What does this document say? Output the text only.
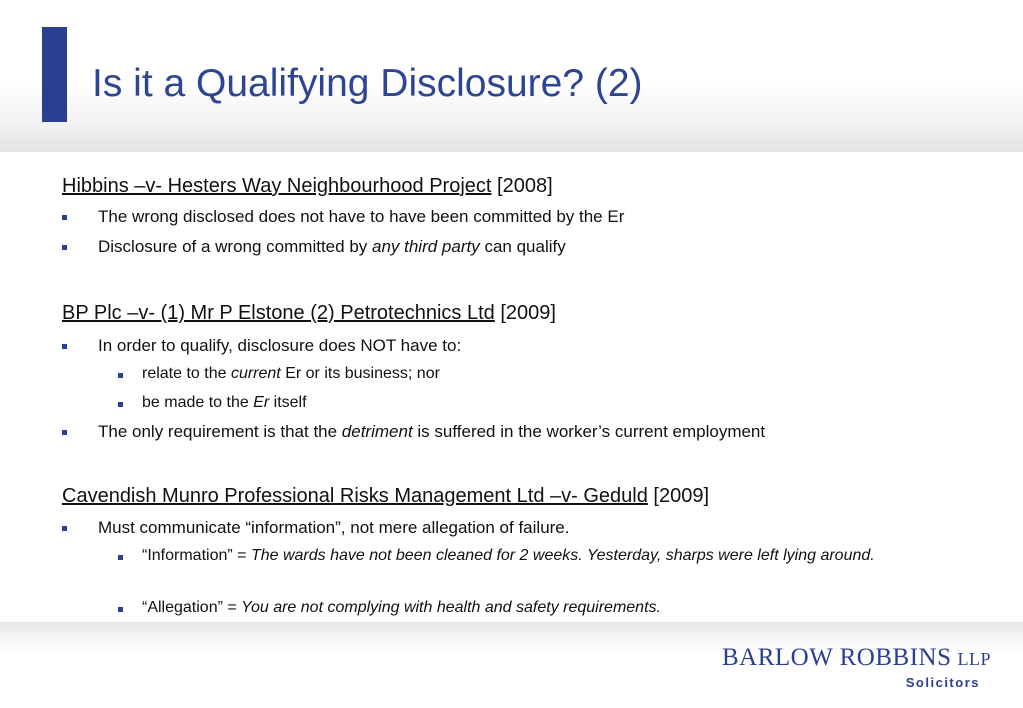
Is it a Qualifying Disclosure? (2)
Hibbins –v- Hesters Way Neighbourhood Project [2008]
The wrong disclosed does not have to have been committed by the Er
Disclosure of a wrong committed by any third party can qualify
BP Plc –v- (1) Mr P Elstone (2) Petrotechnics Ltd [2009]
In order to qualify, disclosure does NOT have to:
relate to the current Er or its business; nor
be made to the Er itself
The only requirement is that the detriment is suffered in the worker’s current employment
Cavendish Munro Professional Risks Management Ltd –v- Geduld [2009]
Must communicate “information”, not mere allegation of failure.
“Information” = The wards have not been cleaned for 2 weeks. Yesterday, sharps were left lying around.
“Allegation” = You are not complying with health and safety requirements.
BARLOW ROBBINS LLP
Solicitors
